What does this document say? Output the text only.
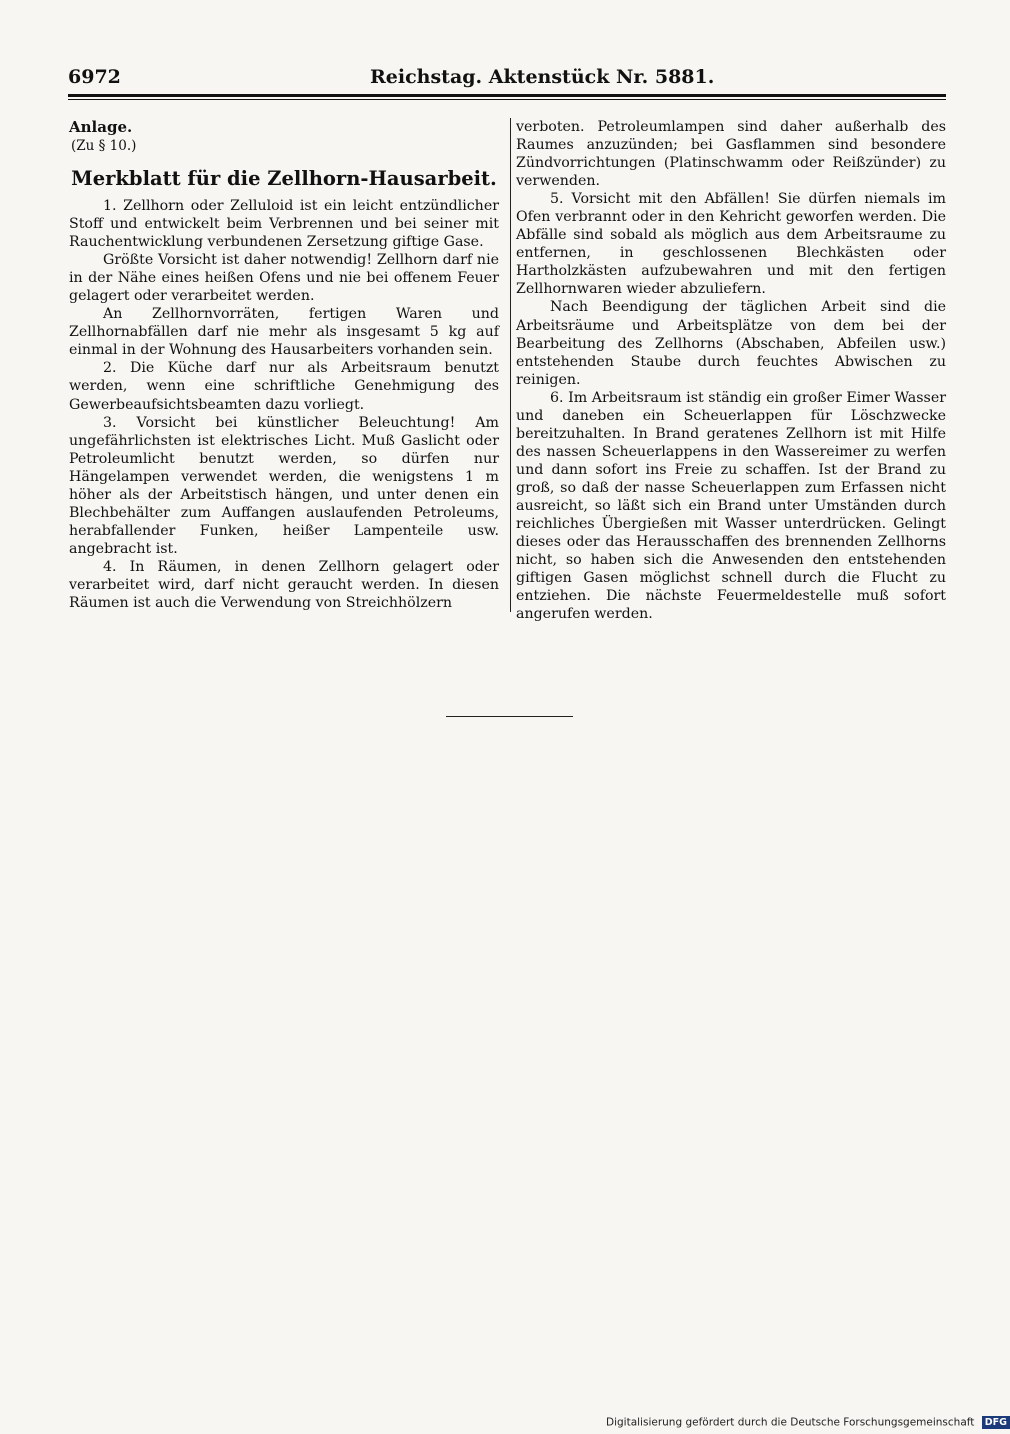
6972	Reichstag. Aktenstück Nr. 5881.

Anlage.

(Zu § 10.)

Merkblatt für die Zellhorn-Hausarbeit.

1. Zellhorn oder Zelluloid ist ein leicht entzündlicher Stoff und entwickelt beim Verbrennen und bei seiner mit Rauchentwicklung verbundenen Zersetzung giftige Gase.

Größte Vorsicht ist daher notwendig! Zellhorn darf nie in der Nähe eines heißen Ofens und nie bei offenem Feuer gelagert oder verarbeitet werden.

An Zellhornvorräten, fertigen Waren und Zellhornabfällen darf nie mehr als insgesamt 5 kg auf einmal in der Wohnung des Hausarbeiters vorhanden sein.

2. Die Küche darf nur als Arbeitsraum benutzt werden, wenn eine schriftliche Genehmigung des Gewerbeaufsichtsbeamten dazu vorliegt.

3. Vorsicht bei künstlicher Beleuchtung! Am ungefährlichsten ist elektrisches Licht. Muß Gaslicht oder Petroleumlicht benutzt werden, so dürfen nur Hängelampen verwendet werden, die wenigstens 1 m höher als der Arbeitstisch hängen, und unter denen ein Blechbehälter zum Auffangen auslaufenden Petroleums, herabfallender Funken, heißer Lampenteile usw. angebracht ist.

4. In Räumen, in denen Zellhorn gelagert oder verarbeitet wird, darf nicht geraucht werden. In diesen Räumen ist auch die Verwendung von Streichhölzern

verboten. Petroleumlampen sind daher außerhalb des Raumes anzuzünden; bei Gasflammen sind besondere Zündvorrichtungen (Platinschwamm oder Reißzünder) zu verwenden.

5. Vorsicht mit den Abfällen! Sie dürfen niemals im Ofen verbrannt oder in den Kehricht geworfen werden. Die Abfälle sind sobald als möglich aus dem Arbeitsraume zu entfernen, in geschlossenen Blechkästen oder Hartholzkästen aufzubewahren und mit den fertigen Zellhornwaren wieder abzuliefern.

Nach Beendigung der täglichen Arbeit sind die Arbeitsräume und Arbeitsplätze von dem bei der Bearbeitung des Zellhorns (Abschaben, Abfeilen usw.) entstehenden Staube durch feuchtes Abwischen zu reinigen.

6. Im Arbeitsraum ist ständig ein großer Eimer Wasser und daneben ein Scheuerlappen für Löschzwecke bereitzuhalten. In Brand geratenes Zellhorn ist mit Hilfe des nassen Scheuerlappens in den Wassereimer zu werfen und dann sofort ins Freie zu schaffen. Ist der Brand zu groß, so daß der nasse Scheuerlappen zum Erfassen nicht ausreicht, so läßt sich ein Brand unter Umständen durch reichliches Übergießen mit Wasser unterdrücken. Gelingt dieses oder das Herausschaffen des brennenden Zellhorns nicht, so haben sich die Anwesenden den entstehenden giftigen Gasen möglichst schnell durch die Flucht zu entziehen. Die nächste Feuermeldestelle muß sofort angerufen werden.

Digitalisierung gefördert durch die Deutsche Forschungsgemeinschaft DFG
